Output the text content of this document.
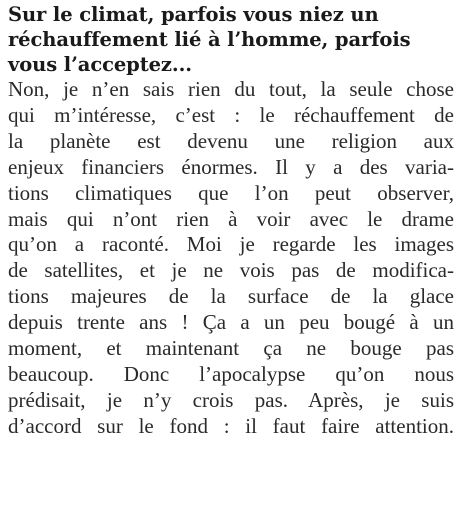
Sur le climat, parfois vous niez un
réchauffement lié à l’homme, parfois
vous l’acceptez...
Non, je n’en sais rien du tout, la seule chose
qui m’intéresse, c’est : le réchauffement de
la planète est devenu une religion aux
enjeux financiers énormes. Il y a des varia-
tions climatiques que l’on peut observer,
mais qui n’ont rien à voir avec le drame
qu’on a raconté. Moi je regarde les images
de satellites, et je ne vois pas de modifica-
tions majeures de la surface de la glace
depuis trente ans ! Ça a un peu bougé à un
moment, et maintenant ça ne bouge pas
beaucoup. Donc l’apocalypse qu’on nous
prédisait, je n’y crois pas. Après, je suis
d’accord sur le fond : il faut faire attention.
